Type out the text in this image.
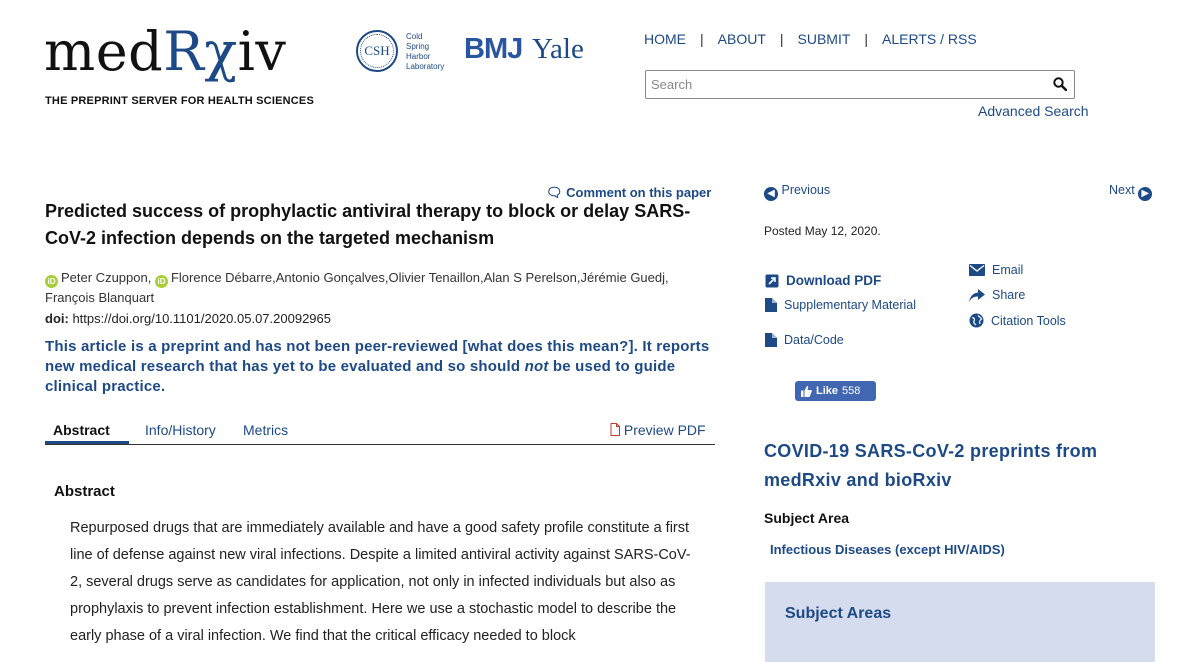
medRχiv
THE PREPRINT SERVER FOR HEALTH SCIENCES
CSH
Cold
Spring
Harbor
Laboratory
BMJ Yale	HOME | ABOUT | SUBMIT | ALERTS / RSS
Search
Advanced Search
🗨 Comment on this paper
Predicted success of prophylactic antiviral therapy to block or delay SARS-CoV-2 infection depends on the targeted mechanism
iD Peter Czuppon, iD Florence Débarre,Antonio Gonçalves,Olivier Tenaillon,Alan S Perelson,Jérémie Guedj,
François Blanquart
doi: https://doi.org/10.1101/2020.05.07.20092965
This article is a preprint and has not been peer-reviewed [what does this mean?]. It reports new medical research that has yet to be evaluated and so should not be used to guide clinical practice.
Abstract	Info/History Metrics	Preview PDF
Abstract
Repurposed drugs that are immediately available and have a good safety profile constitute a first line of defense against new viral infections. Despite a limited antiviral activity against SARS-CoV-2, several drugs serve as candidates for application, not only in infected individuals but also as prophylaxis to prevent infection establishment. Here we use a stochastic model to describe the early phase of a viral infection. We find that the critical efficacy needed to block
◀ Previous	Next ▶
Posted May 12, 2020.
Download PDF
Supplementary Material
Data/Code
Email
Share
Citation Tools
Like 558
COVID-19 SARS-CoV-2 preprints from medRxiv and bioRxiv
Subject Area
Infectious Diseases (except HIV/AIDS)
Subject Areas
